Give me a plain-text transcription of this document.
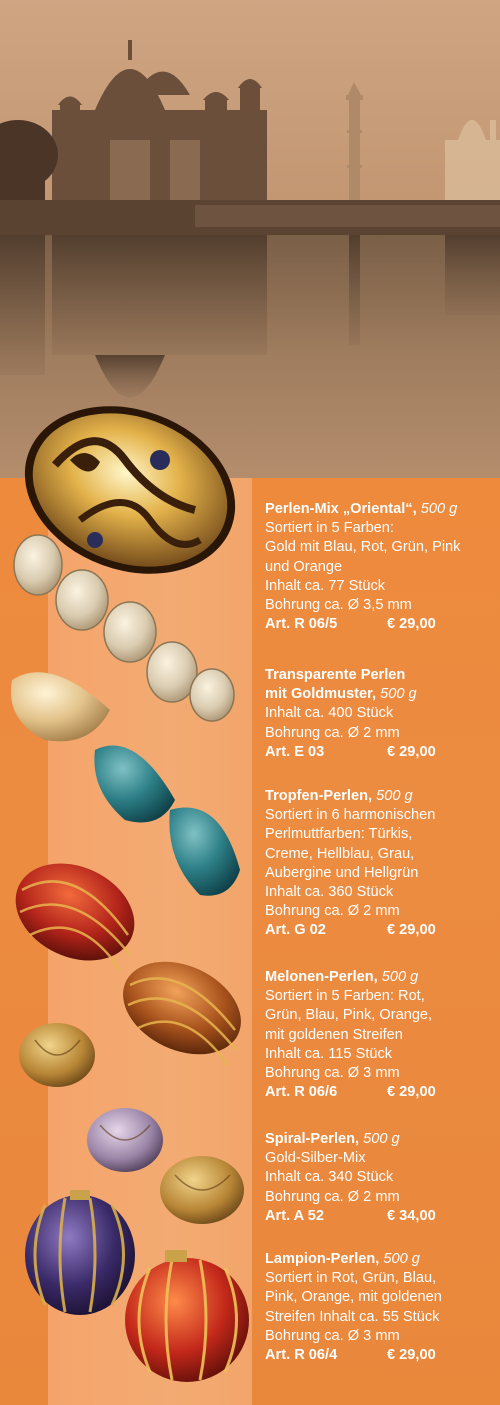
Perlen-Mix „Oriental“, 500 g
Sortiert in 5 Farben:
Gold mit Blau, Rot, Grün, Pink
und Orange
Inhalt ca. 77 Stück
Bohrung ca. Ø 3,5 mm
Art. R 06/5	€ 29,00
Transparente Perlen
mit Goldmuster, 500 g
Inhalt ca. 400 Stück
Bohrung ca. Ø 2 mm
Art. E 03	€ 29,00
Tropfen-Perlen, 500 g
Sortiert in 6 harmonischen
Perlmuttfarben: Türkis,
Creme, Hellblau, Grau,
Aubergine und Hellgrün
Inhalt ca. 360 Stück
Bohrung ca. Ø 2 mm
Art. G 02	€ 29,00
Melonen-Perlen, 500 g
Sortiert in 5 Farben: Rot,
Grün, Blau, Pink, Orange,
mit goldenen Streifen
Inhalt ca. 115 Stück
Bohrung ca. Ø 3 mm
Art. R 06/6	€ 29,00
Spiral-Perlen, 500 g
Gold-Silber-Mix
Inhalt ca. 340 Stück
Bohrung ca. Ø 2 mm
Art. A 52	€ 34,00
Lampion-Perlen, 500 g
Sortiert in Rot, Grün, Blau,
Pink, Orange, mit goldenen
Streifen Inhalt ca. 55 Stück
Bohrung ca. Ø 3 mm
Art. R 06/4	€ 29,00
